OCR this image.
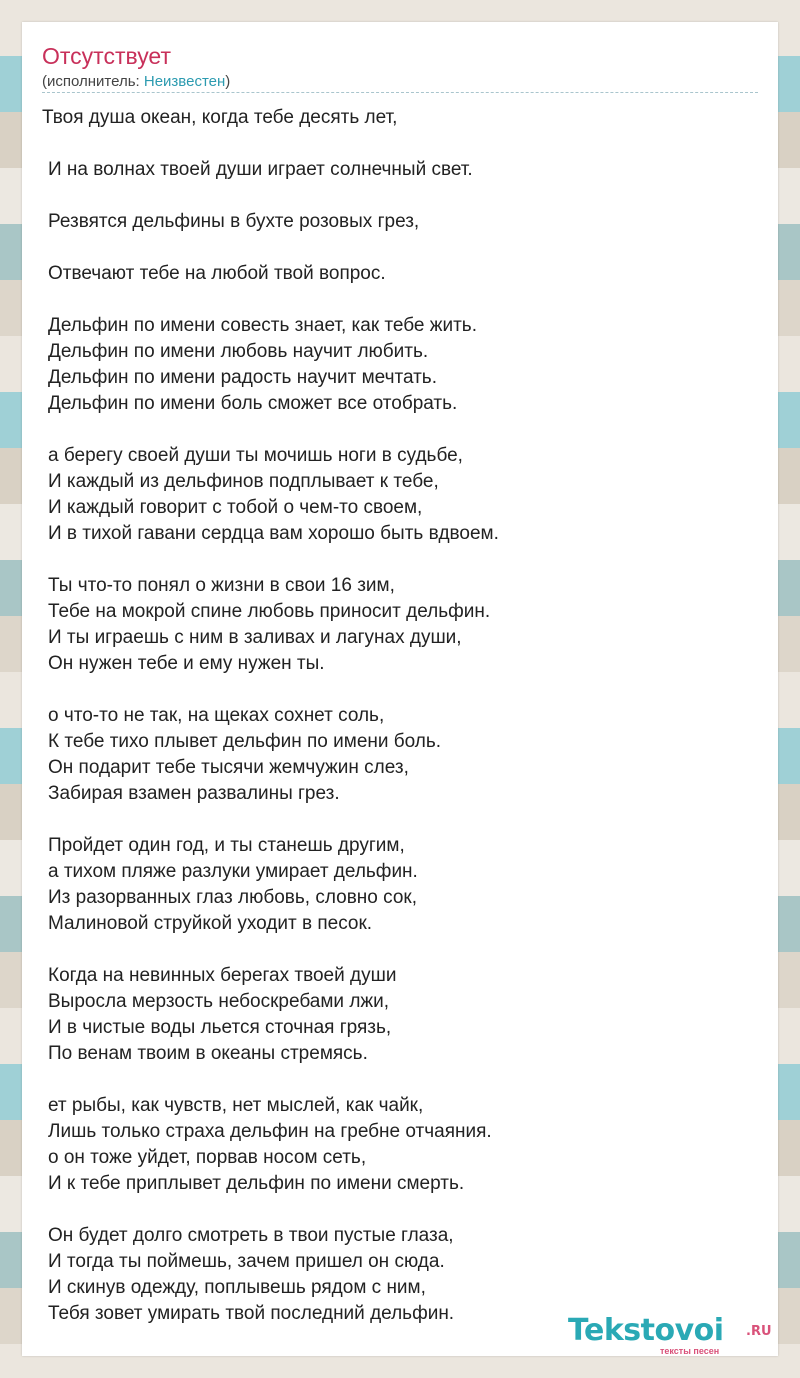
Отсутствует
(исполнитель: Неизвестен)
Твоя душа океан, когда тебе десять лет,
И на волнах твоей души играет солнечный свет.
Резвятся дельфины в бухте розовых грез,
Отвечают тебе на любой твой вопрос.
Дельфин по имени совесть знает, как тебе жить.
Дельфин по имени любовь научит любить.
Дельфин по имени радость научит мечтать.
Дельфин по имени боль сможет все отобрать.
а берегу своей души ты мочишь ноги в судьбе,
И каждый из дельфинов подплывает к тебе,
И каждый говорит с тобой о чем-то своем,
И в тихой гавани сердца вам хорошо быть вдвоем.
Ты что-то понял о жизни в свои 16 зим,
Тебе на мокрой спине любовь приносит дельфин.
И ты играешь с ним в заливах и лагунах души,
Он нужен тебе и ему нужен ты.
о что-то не так, на щеках сохнет соль,
К тебе тихо плывет дельфин по имени боль.
Он подарит тебе тысячи жемчужин слез,
Забирая взамен развалины грез.
Пройдет один год, и ты станешь другим,
а тихом пляже разлуки умирает дельфин.
Из разорванных глаз любовь, словно сок,
Малиновой струйкой уходит в песок.
Когда на невинных берегах твоей души
Выросла мерзость небоскребами лжи,
И в чистые воды льется сточная грязь,
По венам твоим в океаны стремясь.
ет рыбы, как чувств, нет мыслей, как чайк,
Лишь только страха дельфин на гребне отчаяния.
о он тоже уйдет, порвав носом сеть,
И к тебе приплывет дельфин по имени смерть.
Он будет долго смотреть в твои пустые глаза,
И тогда ты поймешь, зачем пришел он сюда.
И скинув одежду, поплывешь рядом с ним,
Тебя зовет умирать твой последний дельфин.	Tekstovoi .RU
тексты песен
